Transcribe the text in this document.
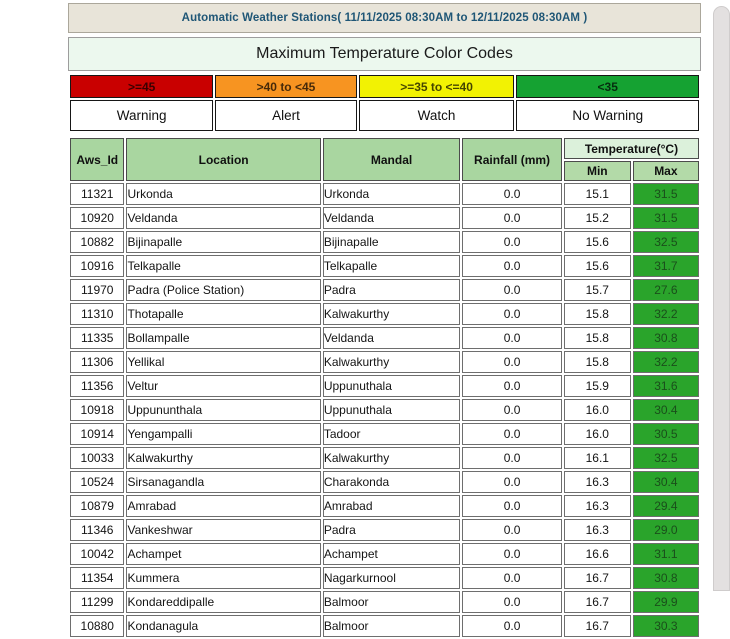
Automatic Weather Stations( 11/11/2025 08:30AM to 12/11/2025 08:30AM )
Maximum Temperature Color Codes
>=45	>40 to <45	>=35 to <=40	<35
Warning	Alert	Watch	No Warning
Aws_Id	Location	Mandal	Rainfall (mm)	Temperature(°C)	
				Min	Max
11321	Urkonda	Urkonda	0.0	15.1	31.5
10920	Veldanda	Veldanda	0.0	15.2	31.5
10882	Bijinapalle	Bijinapalle	0.0	15.6	32.5
10916	Telkapalle	Telkapalle	0.0	15.6	31.7
11970	Padra (Police Station)	Padra	0.0	15.7	27.6
11310	Thotapalle	Kalwakurthy	0.0	15.8	32.2
11335	Bollampalle	Veldanda	0.0	15.8	30.8
11306	Yellikal	Kalwakurthy	0.0	15.8	32.2
11356	Veltur	Uppunuthala	0.0	15.9	31.6
10918	Uppununthala	Uppunuthala	0.0	16.0	30.4
10914	Yengampalli	Tadoor	0.0	16.0	30.5
10033	Kalwakurthy	Kalwakurthy	0.0	16.1	32.5
10524	Sirsanagandla	Charakonda	0.0	16.3	30.4
10879	Amrabad	Amrabad	0.0	16.3	29.4
11346	Vankeshwar	Padra	0.0	16.3	29.0
10042	Achampet	Achampet	0.0	16.6	31.1
11354	Kummera	Nagarkurnool	0.0	16.7	30.8
11299	Kondareddipalle	Balmoor	0.0	16.7	29.9
10880	Kondanagula	Balmoor	0.0	16.7	30.3
